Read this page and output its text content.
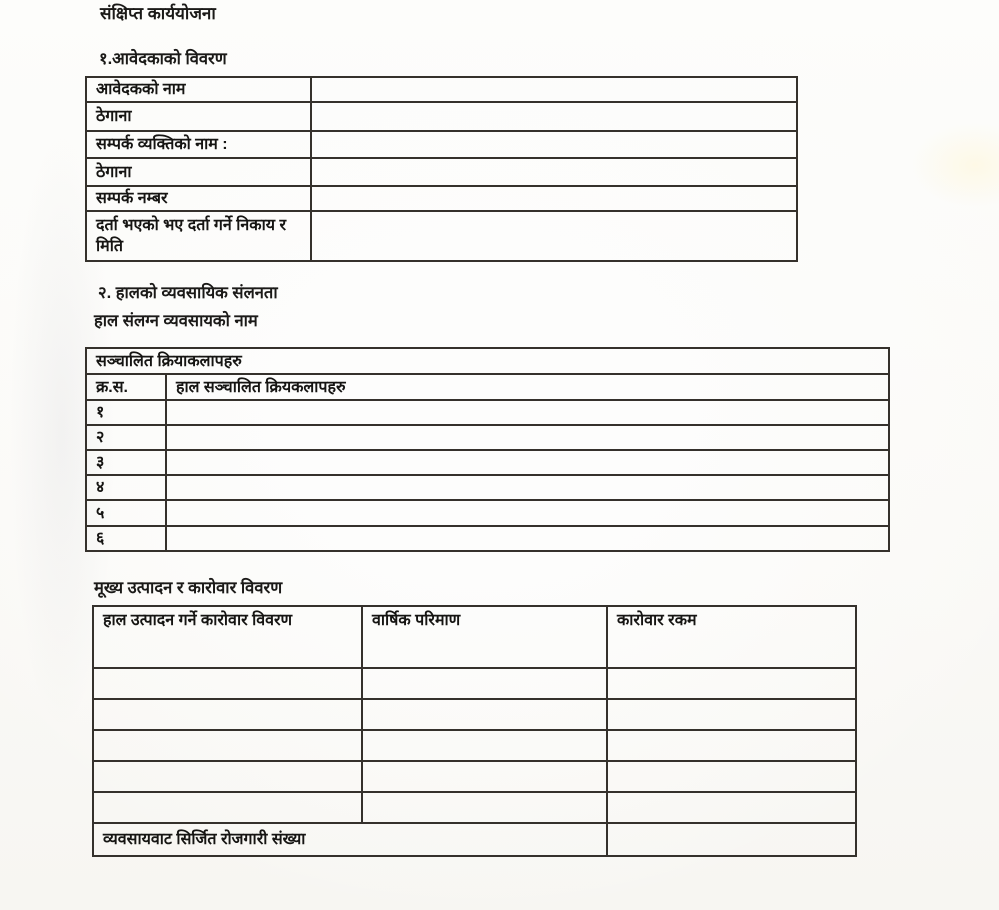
संक्षिप्त कार्ययोजना
१.आवेदकाको विवरण
आवेदकको नाम	
ठेगाना	
सम्पर्क व्यक्तिको नाम :	
ठेगाना	
सम्पर्क नम्बर	
दर्ता भएको भए दर्ता गर्ने निकाय र मिति	
२. हालको व्यवसायिक संलनता
हाल संलग्न व्यवसायको नाम
सञ्चालित क्रियाकलापहरु	
क्र.स.	हाल सञ्चालित क्रियकलापहरु
१	
२	
३	
४	
५	
६	
मूख्य उत्पादन र कारोवार विवरण
हाल उत्पादन गर्ने कारोवार विवरण	वार्षिक परिमाण	कारोवार रकम

व्यवसायवाट सिर्जित रोजगारी संख्या		
